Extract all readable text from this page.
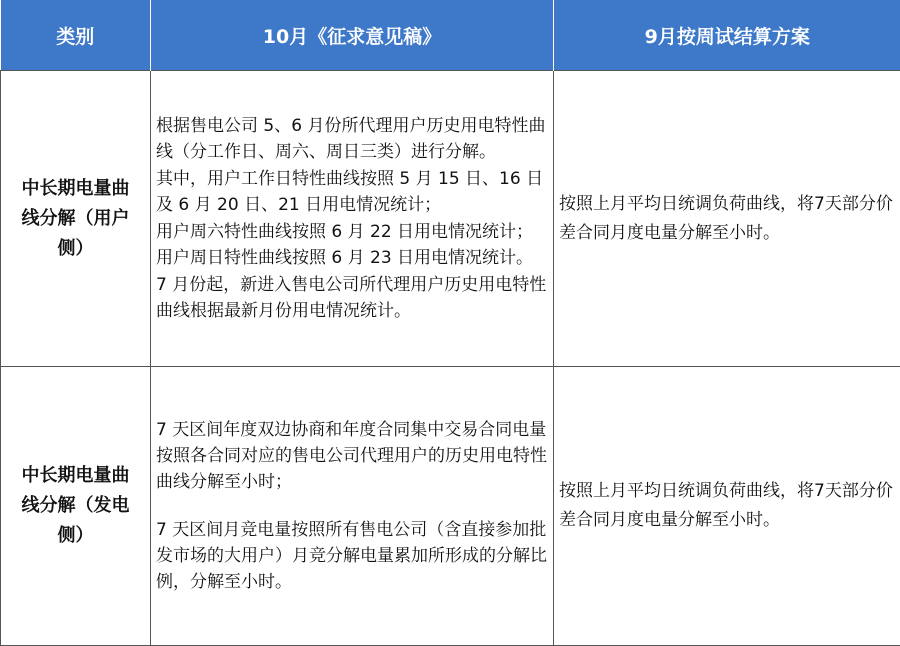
类别	10月《征求意见稿》	9月按周试结算方案
中长期电量曲线分解（用户侧）	根据售电公司 5、6 月份所代理用户历史用电特性曲线（分工作日、周六、周日三类）进行分解。
其中，用户工作日特性曲线按照 5 月 15 日、16 日及 6 月 20 日、21 日用电情况统计；
用户周六特性曲线按照 6 月 22 日用电情况统计；
用户周日特性曲线按照 6 月 23 日用电情况统计。
7 月份起，新进入售电公司所代理用户历史用电特性曲线根据最新月份用电情况统计。	按照上月平均日统调负荷曲线，将7天部分价差合同月度电量分解至小时。
中长期电量曲线分解（发电侧）	7 天区间年度双边协商和年度合同集中交易合同电量按照各合同对应的售电公司代理用户的历史用电特性曲线分解至小时；
7 天区间月竞电量按照所有售电公司（含直接参加批发市场的大用户）月竞分解电量累加所形成的分解比例，分解至小时。	按照上月平均日统调负荷曲线，将7天部分价差合同月度电量分解至小时。
